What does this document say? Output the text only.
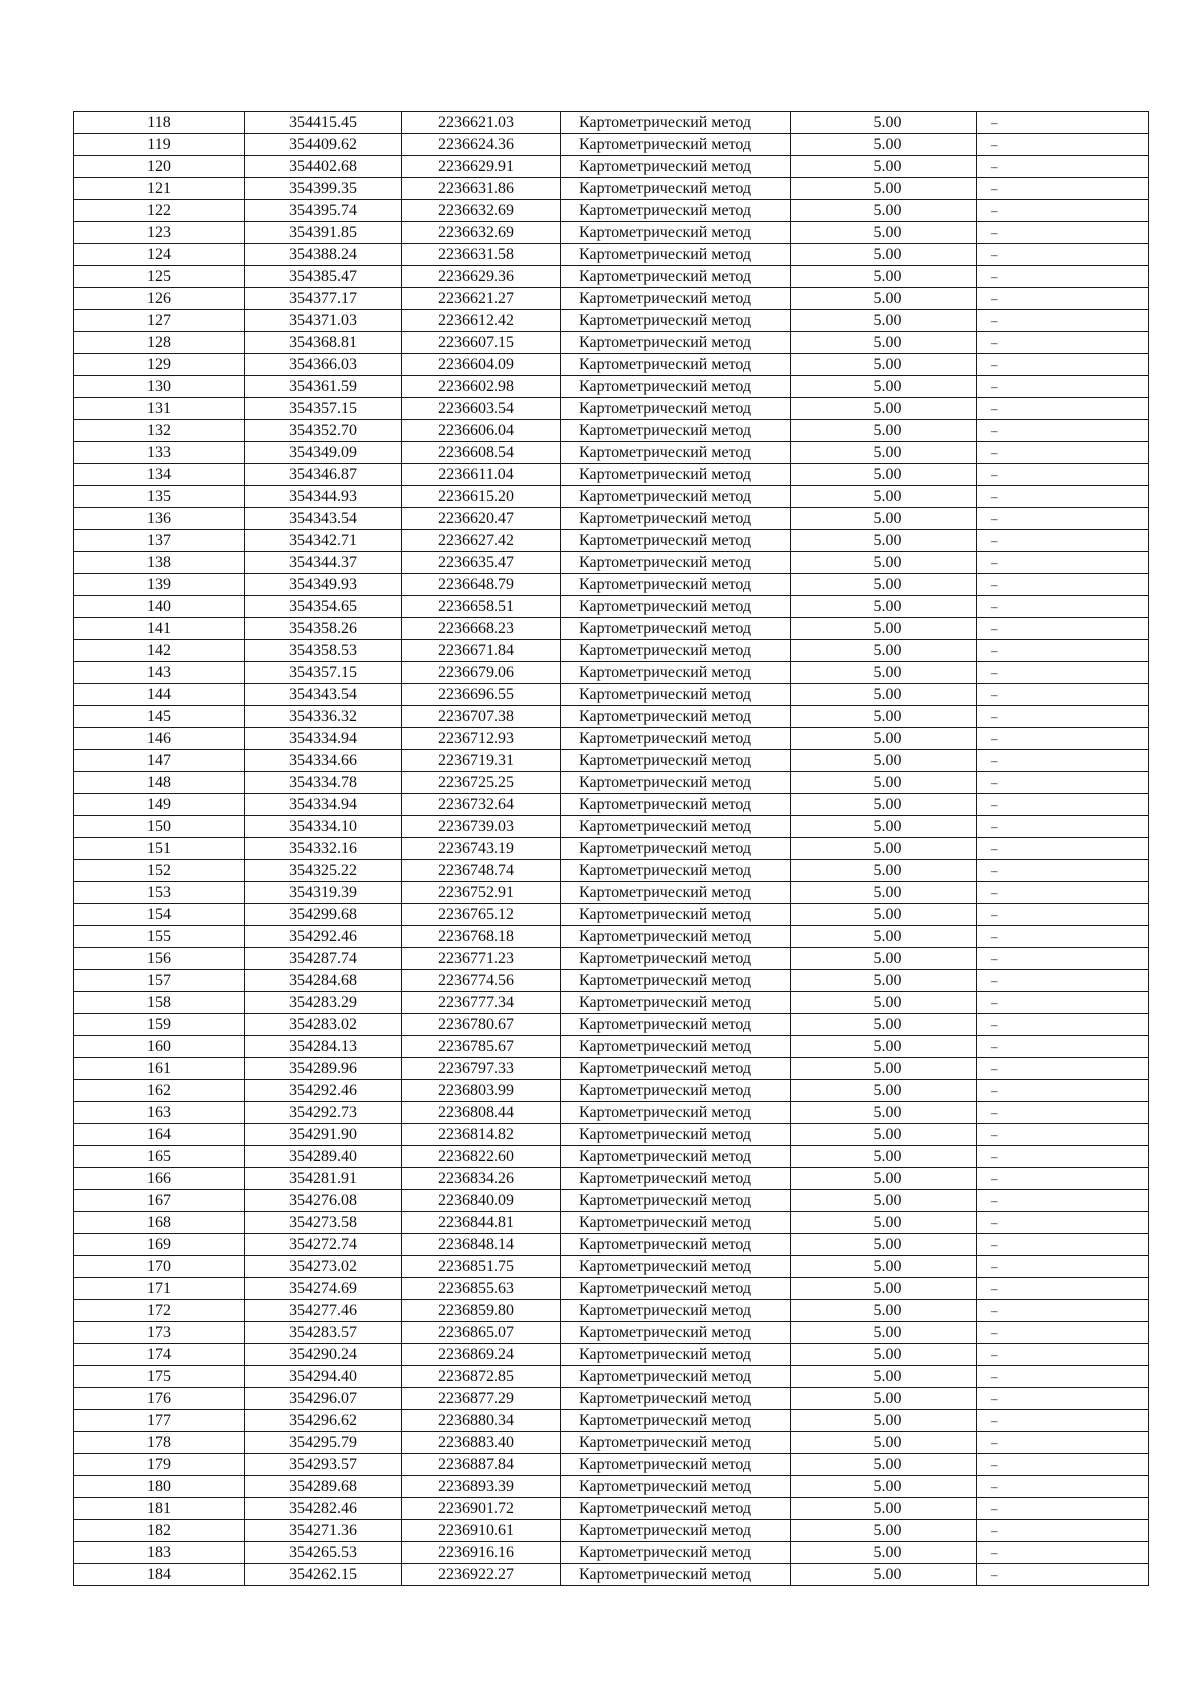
118	354415.45	2236621.03	Картометрический метод	5.00	–
119	354409.62	2236624.36	Картометрический метод	5.00	–
120	354402.68	2236629.91	Картометрический метод	5.00	–
121	354399.35	2236631.86	Картометрический метод	5.00	–
122	354395.74	2236632.69	Картометрический метод	5.00	–
123	354391.85	2236632.69	Картометрический метод	5.00	–
124	354388.24	2236631.58	Картометрический метод	5.00	–
125	354385.47	2236629.36	Картометрический метод	5.00	–
126	354377.17	2236621.27	Картометрический метод	5.00	–
127	354371.03	2236612.42	Картометрический метод	5.00	–
128	354368.81	2236607.15	Картометрический метод	5.00	–
129	354366.03	2236604.09	Картометрический метод	5.00	–
130	354361.59	2236602.98	Картометрический метод	5.00	–
131	354357.15	2236603.54	Картометрический метод	5.00	–
132	354352.70	2236606.04	Картометрический метод	5.00	–
133	354349.09	2236608.54	Картометрический метод	5.00	–
134	354346.87	2236611.04	Картометрический метод	5.00	–
135	354344.93	2236615.20	Картометрический метод	5.00	–
136	354343.54	2236620.47	Картометрический метод	5.00	–
137	354342.71	2236627.42	Картометрический метод	5.00	–
138	354344.37	2236635.47	Картометрический метод	5.00	–
139	354349.93	2236648.79	Картометрический метод	5.00	–
140	354354.65	2236658.51	Картометрический метод	5.00	–
141	354358.26	2236668.23	Картометрический метод	5.00	–
142	354358.53	2236671.84	Картометрический метод	5.00	–
143	354357.15	2236679.06	Картометрический метод	5.00	–
144	354343.54	2236696.55	Картометрический метод	5.00	–
145	354336.32	2236707.38	Картометрический метод	5.00	–
146	354334.94	2236712.93	Картометрический метод	5.00	–
147	354334.66	2236719.31	Картометрический метод	5.00	–
148	354334.78	2236725.25	Картометрический метод	5.00	–
149	354334.94	2236732.64	Картометрический метод	5.00	–
150	354334.10	2236739.03	Картометрический метод	5.00	–
151	354332.16	2236743.19	Картометрический метод	5.00	–
152	354325.22	2236748.74	Картометрический метод	5.00	–
153	354319.39	2236752.91	Картометрический метод	5.00	–
154	354299.68	2236765.12	Картометрический метод	5.00	–
155	354292.46	2236768.18	Картометрический метод	5.00	–
156	354287.74	2236771.23	Картометрический метод	5.00	–
157	354284.68	2236774.56	Картометрический метод	5.00	–
158	354283.29	2236777.34	Картометрический метод	5.00	–
159	354283.02	2236780.67	Картометрический метод	5.00	–
160	354284.13	2236785.67	Картометрический метод	5.00	–
161	354289.96	2236797.33	Картометрический метод	5.00	–
162	354292.46	2236803.99	Картометрический метод	5.00	–
163	354292.73	2236808.44	Картометрический метод	5.00	–
164	354291.90	2236814.82	Картометрический метод	5.00	–
165	354289.40	2236822.60	Картометрический метод	5.00	–
166	354281.91	2236834.26	Картометрический метод	5.00	–
167	354276.08	2236840.09	Картометрический метод	5.00	–
168	354273.58	2236844.81	Картометрический метод	5.00	–
169	354272.74	2236848.14	Картометрический метод	5.00	–
170	354273.02	2236851.75	Картометрический метод	5.00	–
171	354274.69	2236855.63	Картометрический метод	5.00	–
172	354277.46	2236859.80	Картометрический метод	5.00	–
173	354283.57	2236865.07	Картометрический метод	5.00	–
174	354290.24	2236869.24	Картометрический метод	5.00	–
175	354294.40	2236872.85	Картометрический метод	5.00	–
176	354296.07	2236877.29	Картометрический метод	5.00	–
177	354296.62	2236880.34	Картометрический метод	5.00	–
178	354295.79	2236883.40	Картометрический метод	5.00	–
179	354293.57	2236887.84	Картометрический метод	5.00	–
180	354289.68	2236893.39	Картометрический метод	5.00	–
181	354282.46	2236901.72	Картометрический метод	5.00	–
182	354271.36	2236910.61	Картометрический метод	5.00	–
183	354265.53	2236916.16	Картометрический метод	5.00	–
184	354262.15	2236922.27	Картометрический метод	5.00	–
